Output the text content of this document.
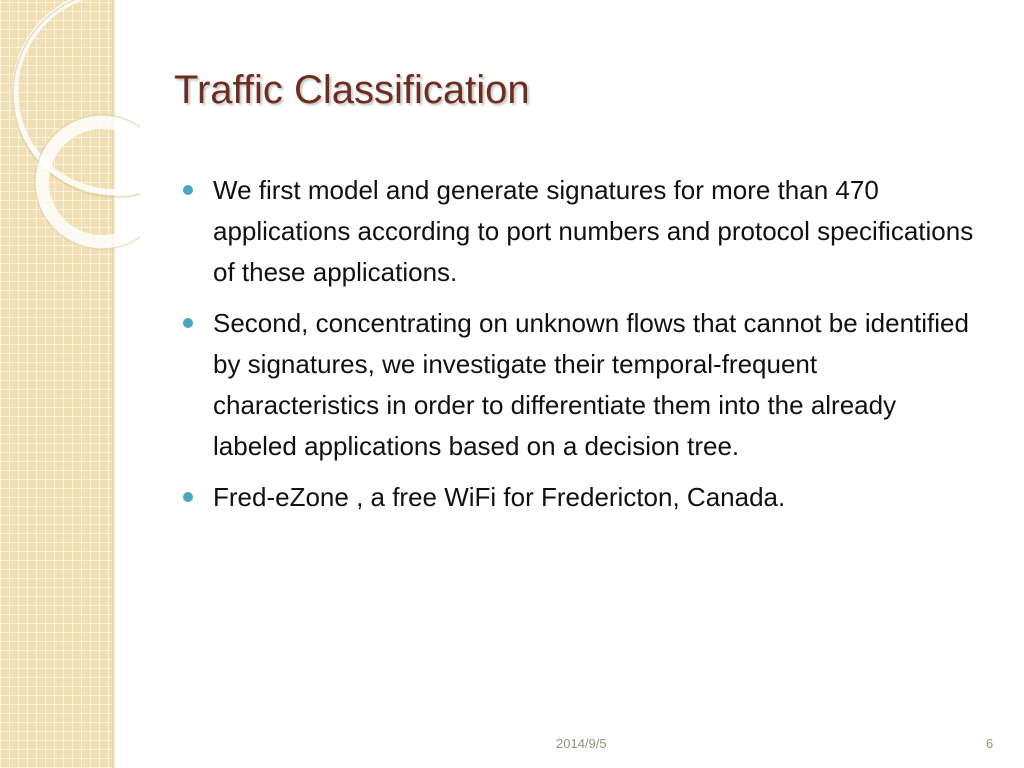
Traffic Classification
We first model and generate signatures for more than 470 applications according to port numbers and protocol specifications of these applications.
Second, concentrating on unknown flows that cannot be identified by signatures, we investigate their temporal-frequent characteristics in order to differentiate them into the already labeled applications based on a decision tree.
Fred-eZone , a free WiFi for Fredericton, Canada.
2014/9/5	6
